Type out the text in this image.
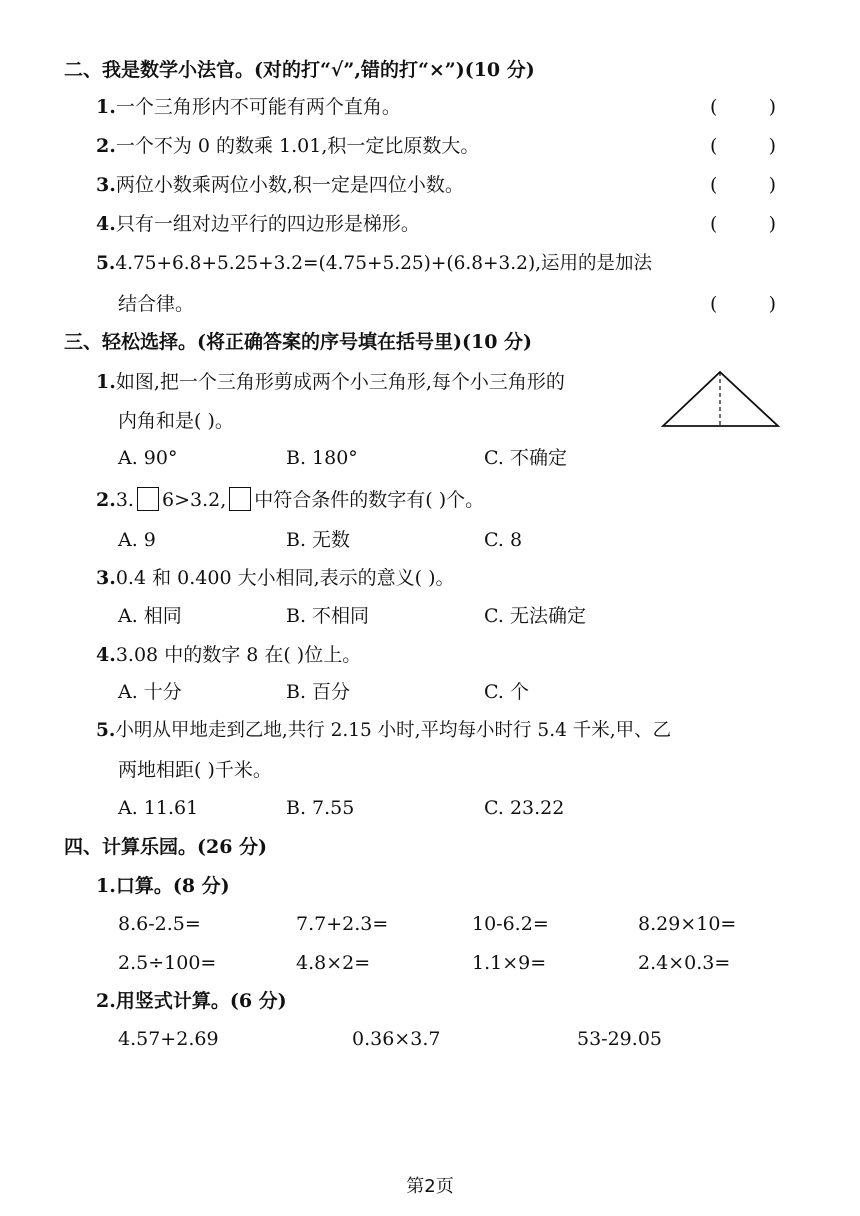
二、我是数学小法官。(对的打“√”,错的打“×”)(10 分)
1.一个三角形内不可能有两个直角。	(	)
2.一个不为 0 的数乘 1.01,积一定比原数大。	(	)
3.两位小数乘两位小数,积一定是四位小数。	(	)
4.只有一组对边平行的四边形是梯形。	(	)
5.4.75+6.8+5.25+3.2=(4.75+5.25)+(6.8+3.2),运用的是加法
结合律。	(	)
三、轻松选择。(将正确答案的序号填在括号里)(10 分)
1.如图,把一个三角形剪成两个小三角形,每个小三角形的
内角和是( )。
A. 90°	B. 180°	C. 不确定
2.3. 6>3.2, 中符合条件的数字有( )个。
A. 9	B. 无数	C. 8
3.0.4 和 0.400 大小相同,表示的意义( )。
A. 相同	B. 不相同	C. 无法确定
4.3.08 中的数字 8 在( )位上。
A. 十分	B. 百分	C. 个
5.小明从甲地走到乙地,共行 2.15 小时,平均每小时行 5.4 千米,甲、乙
两地相距( )千米。
A. 11.61	B. 7.55	C. 23.22
四、计算乐园。(26 分)
1.口算。(8 分)
8.6-2.5=	7.7+2.3=	10-6.2=	8.29×10=
2.5÷100=	4.8×2=	1.1×9=	2.4×0.3=
2.用竖式计算。(6 分)
4.57+2.69	0.36×3.7	53-29.05
第2页
